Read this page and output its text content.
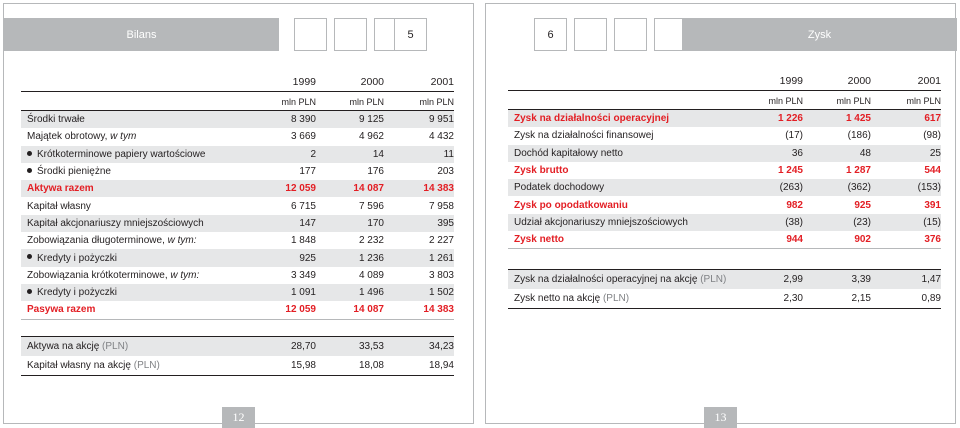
Bilans	5
1999	2000	2001
mln PLN	mln PLN	mln PLN
Środki trwałe	8 390	9 125	9 951
Majątek obrotowy, w tym	3 669	4 962	4 432
Krótkoterminowe papiery wartościowe	2	14	11
Środki pieniężne	177	176	203
Aktywa razem	12 059	14 087	14 383
Kapitał własny	6 715	7 596	7 958
Kapitał akcjonariuszy mniejszościowych	147	170	395
Zobowiązania długoterminowe, w tym:	1 848	2 232	2 227
Kredyty i pożyczki	925	1 236	1 261
Zobowiązania krótkoterminowe, w tym:	3 349	4 089	3 803
Kredyty i pożyczki	1 091	1 496	1 502
Pasywa razem	12 059	14 087	14 383
Aktywa na akcję (PLN)	28,70	33,53	34,23
Kapitał własny na akcję (PLN)	15,98	18,08	18,94
12
6	Zysk
1999	2000	2001
mln PLN	mln PLN	mln PLN
Zysk na działalności operacyjnej	1 226	1 425	617
Zysk na działalności finansowej	(17)	(186)	(98)
Dochód kapitałowy netto	36	48	25
Zysk brutto	1 245	1 287	544
Podatek dochodowy	(263)	(362)	(153)
Zysk po opodatkowaniu	982	925	391
Udział akcjonariuszy mniejszościowych	(38)	(23)	(15)
Zysk netto	944	902	376
Zysk na działalności operacyjnej na akcję (PLN)	2,99	3,39	1,47
Zysk netto na akcję (PLN)	2,30	2,15	0,89
13
